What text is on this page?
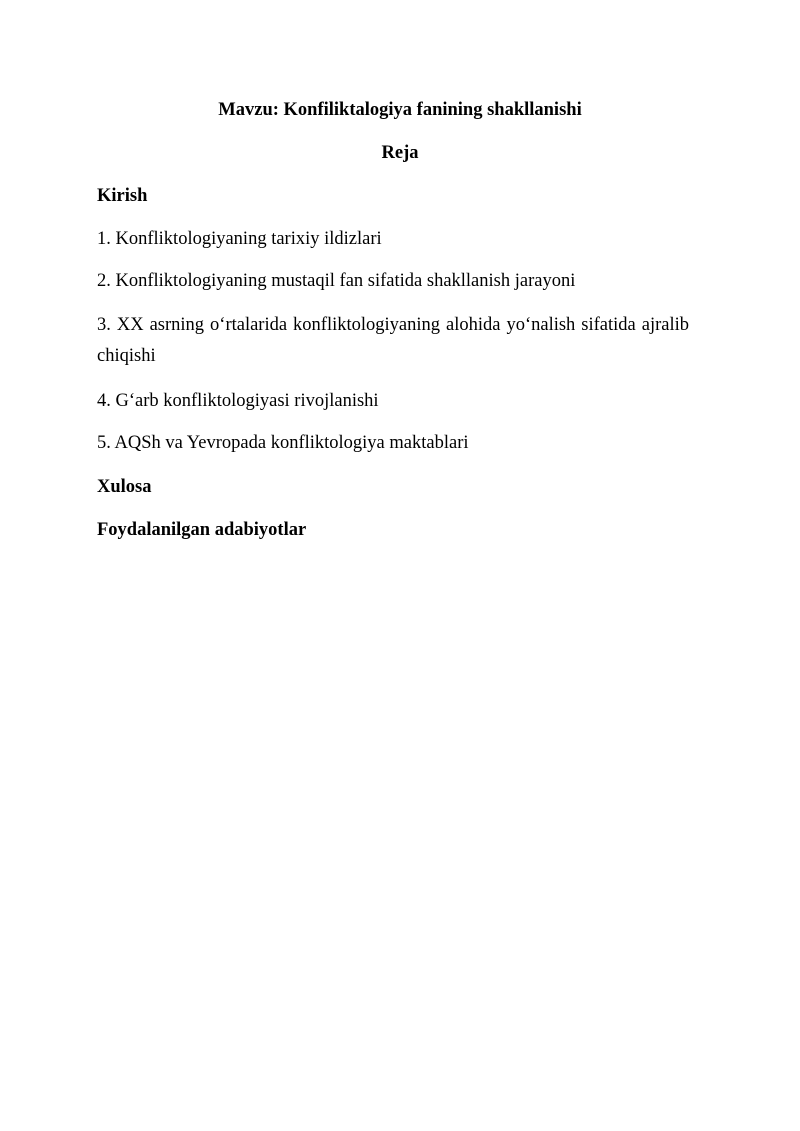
Mavzu: Konfiliktalogiya fanining shakllanishi
Reja
Kirish
1. Konfliktologiyaning tarixiy ildizlari
2. Konfliktologiyaning mustaqil fan sifatida shakllanish jarayoni
3. XX asrning o‘rtalarida konfliktologiyaning alohida yo‘nalish sifatida ajralib chiqishi
4. G‘arb konfliktologiyasi rivojlanishi
5. AQSh va Yevropada konfliktologiya maktablari
Xulosa
Foydalanilgan adabiyotlar
